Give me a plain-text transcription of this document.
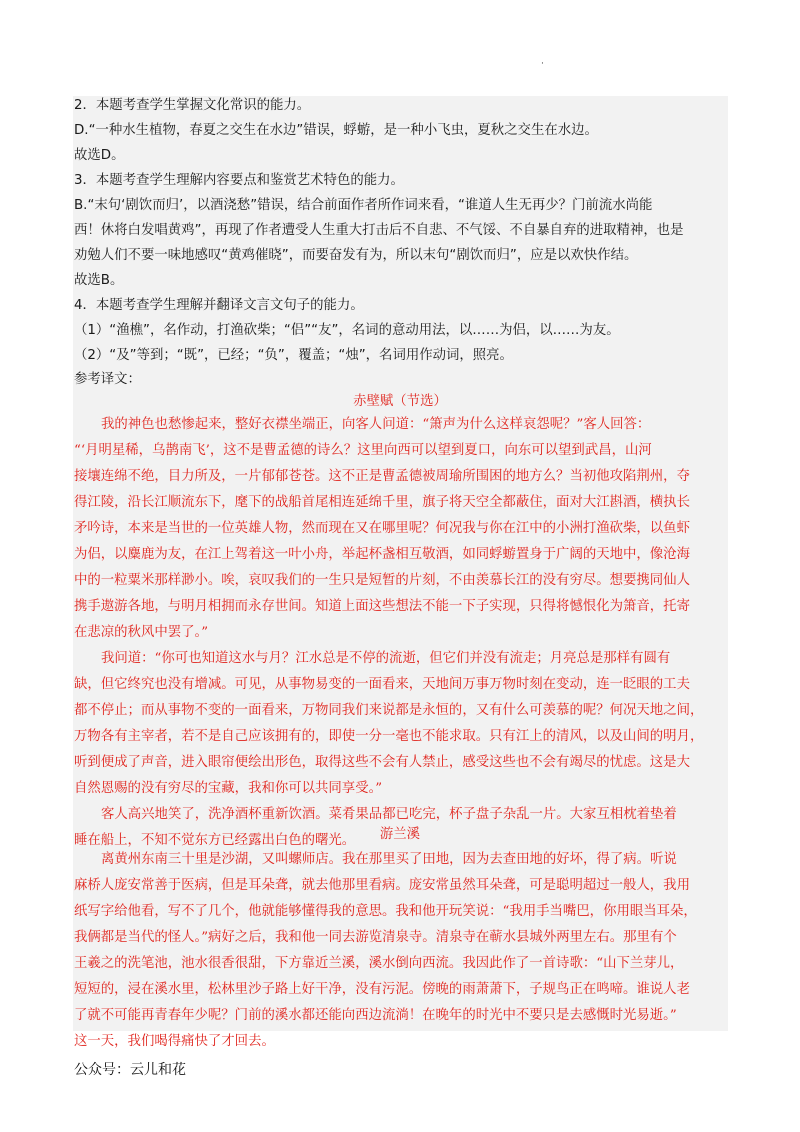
·
2．本题考查学生掌握文化常识的能力。
D.“一种水生植物，春夏之交生在水边”错误，蜉蝣，是一种小飞虫，夏秋之交生在水边。
故选D。
3．本题考查学生理解内容要点和鉴赏艺术特色的能力。
B.“末句‘剧饮而归’，以酒浇愁”错误，结合前面作者所作词来看，“谁道人生无再少？门前流水尚能
西！休将白发唱黄鸡”，再现了作者遭受人生重大打击后不自悲、不气馁、不自暴自弃的进取精神，也是
劝勉人们不要一味地感叹“黄鸡催晓”，而要奋发有为，所以末句“剧饮而归”，应是以欢快作结。
故选B。
4．本题考查学生理解并翻译文言文句子的能力。
（1）“渔樵”，名作动，打渔砍柴；“侣”“友”，名词的意动用法，以……为侣，以……为友。
（2）“及”等到；“既”，已经；“负”，覆盖；“烛”，名词用作动词，照亮。
参考译文：
赤壁赋（节选）
我的神色也愁惨起来，整好衣襟坐端正，向客人问道：“箫声为什么这样哀怨呢？”客人回答：
“‘月明星稀，乌鹊南飞’，这不是曹孟德的诗么？这里向西可以望到夏口，向东可以望到武昌，山河
接壤连绵不绝，目力所及，一片郁郁苍苍。这不正是曹孟德被周瑜所围困的地方么？当初他攻陷荆州，夺
得江陵，沿长江顺流东下，麾下的战船首尾相连延绵千里，旗子将天空全都蔽住，面对大江斟酒，横执长
矛吟诗，本来是当世的一位英雄人物，然而现在又在哪里呢？何况我与你在江中的小洲打渔砍柴，以鱼虾
为侣，以麋鹿为友，在江上驾着这一叶小舟，举起杯盏相互敬酒，如同蜉蝣置身于广阔的天地中，像沧海
中的一粒粟米那样渺小。唉，哀叹我们的一生只是短暂的片刻，不由羡慕长江的没有穷尽。想要携同仙人
携手遨游各地，与明月相拥而永存世间。知道上面这些想法不能一下子实现，只得将憾恨化为箫音，托寄
在悲凉的秋风中罢了。”
我问道：“你可也知道这水与月？江水总是不停的流逝，但它们并没有流走；月亮总是那样有圆有
缺，但它终究也没有增减。可见，从事物易变的一面看来，天地间万事万物时刻在变动，连一眨眼的工夫
都不停止；而从事物不变的一面看来，万物同我们来说都是永恒的，又有什么可羡慕的呢？何况天地之间，
万物各有主宰者，若不是自己应该拥有的，即使一分一毫也不能求取。只有江上的清风，以及山间的明月，
听到便成了声音，进入眼帘便绘出形色，取得这些不会有人禁止，感受这些也不会有竭尽的忧虑。这是大
自然恩赐的没有穷尽的宝藏，我和你可以共同享受。”
客人高兴地笑了，洗净酒杯重新饮酒。菜肴果品都已吃完，杯子盘子杂乱一片。大家互相枕着垫着
睡在船上，不知不觉东方已经露出白色的曙光。	游兰溪
离黄州东南三十里是沙湖，又叫螺师店。我在那里买了田地，因为去查田地的好坏，得了病。听说
麻桥人庞安常善于医病，但是耳朵聋，就去他那里看病。庞安常虽然耳朵聋，可是聪明超过一般人，我用
纸写字给他看，写不了几个，他就能够懂得我的意思。我和他开玩笑说：“我用手当嘴巴，你用眼当耳朵，
我俩都是当代的怪人。”病好之后，我和他一同去游览清泉寺。清泉寺在蕲水县城外两里左右。那里有个
王羲之的洗笔池，池水很香很甜，下方靠近兰溪，溪水倒向西流。我因此作了一首诗歌：“山下兰芽儿，
短短的，浸在溪水里，松林里沙子路上好干净，没有污泥。傍晚的雨萧萧下，子规鸟正在鸣啼。谁说人老
了就不可能再青春年少呢？门前的溪水都还能向西边流淌！在晚年的时光中不要只是去感慨时光易逝。”
这一天，我们喝得痛快了才回去。
公众号：云儿和花
